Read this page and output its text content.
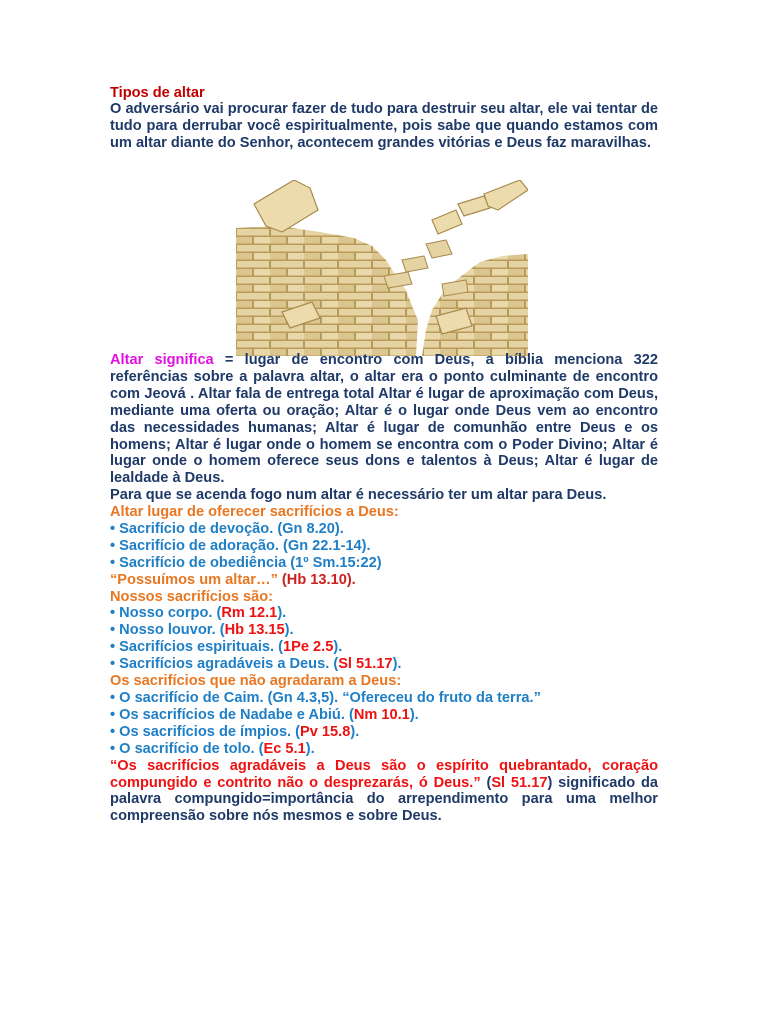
Tipos de altar

O adversário vai procurar fazer de tudo para destruir seu altar, ele vai tentar de tudo para derrubar você espiritualmente, pois sabe que quando estamos com um altar diante do Senhor, acontecem grandes vitórias e Deus faz maravilhas.

Altar significa = lugar de encontro com Deus, a bíblia menciona 322 referências sobre a palavra altar, o altar era o ponto culminante de encontro com Jeová . Altar fala de entrega total Altar é lugar de aproximação com Deus, mediante uma oferta ou oração; Altar é o lugar onde Deus vem ao encontro das necessidades humanas; Altar é lugar de comunhão entre Deus e os homens; Altar é lugar onde o homem se encontra com o Poder Divino; Altar é lugar onde o homem oferece seus dons e talentos à Deus; Altar é lugar de lealdade à Deus.

Para que se acenda fogo num altar é necessário ter um altar para Deus.

Altar lugar de oferecer sacrifícios a Deus:

• Sacrifício de devoção. (Gn 8.20).

• Sacrifício de adoração. (Gn 22.1-14).

• Sacrifício de obediência (1º Sm.15:22)

“Possuímos um altar…” (Hb 13.10).

Nossos sacrifícios são:

• Nosso corpo. (Rm 12.1).

• Nosso louvor. (Hb 13.15).

• Sacrifícios espirituais. (1Pe 2.5).

• Sacrifícios agradáveis a Deus. (Sl 51.17).

Os sacrifícios que não agradaram a Deus:

• O sacrifício de Caim. (Gn 4.3,5). “Ofereceu do fruto da terra.”

• Os sacrifícios de Nadabe e Abiú. (Nm 10.1).

• Os sacrifícios de ímpios. (Pv 15.8).

• O sacrifício de tolo. (Ec 5.1).

“Os sacrifícios agradáveis a Deus são o espírito quebrantado, coração compungido e contrito não o desprezarás, ó Deus.” (Sl 51.17) significado da palavra compungido=importância do arrependimento para uma melhor compreensão sobre nós mesmos e sobre Deus.
